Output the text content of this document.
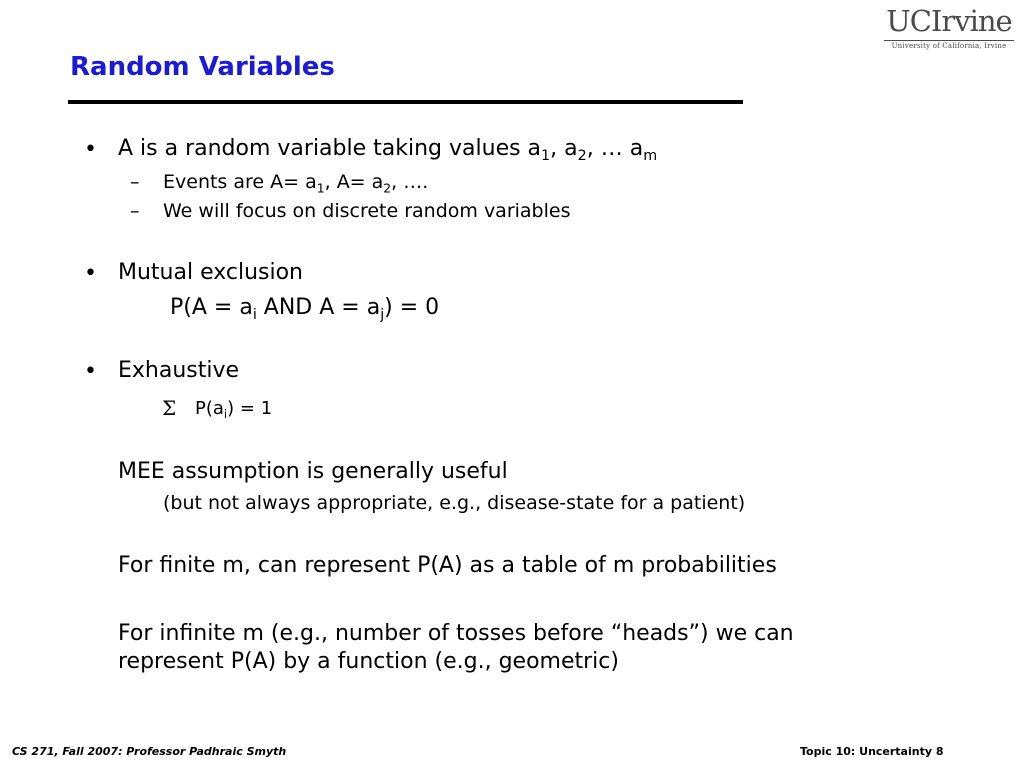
Random Variables
UCIrvine
University of California, Irvine
• A is a random variable taking values $a_1$, $a_2$, … $a_m$
– Events are $A= a_1$, $A= a_2$, ….
– We will focus on discrete random variables
• Mutual exclusion
$P(A = a_i$ AND $A = a_j) = 0$
• Exhaustive
Σ $P(a_i) = 1$
MEE assumption is generally useful
(but not always appropriate, e.g., disease-state for a patient)
For finite m, can represent P(A) as a table of m probabilities
For infinite m (e.g., number of tosses before “heads”) we can
represent P(A) by a function (e.g., geometric)
CS 271, Fall 2007: Professor Padhraic Smyth	Topic 10: Uncertainty 8
